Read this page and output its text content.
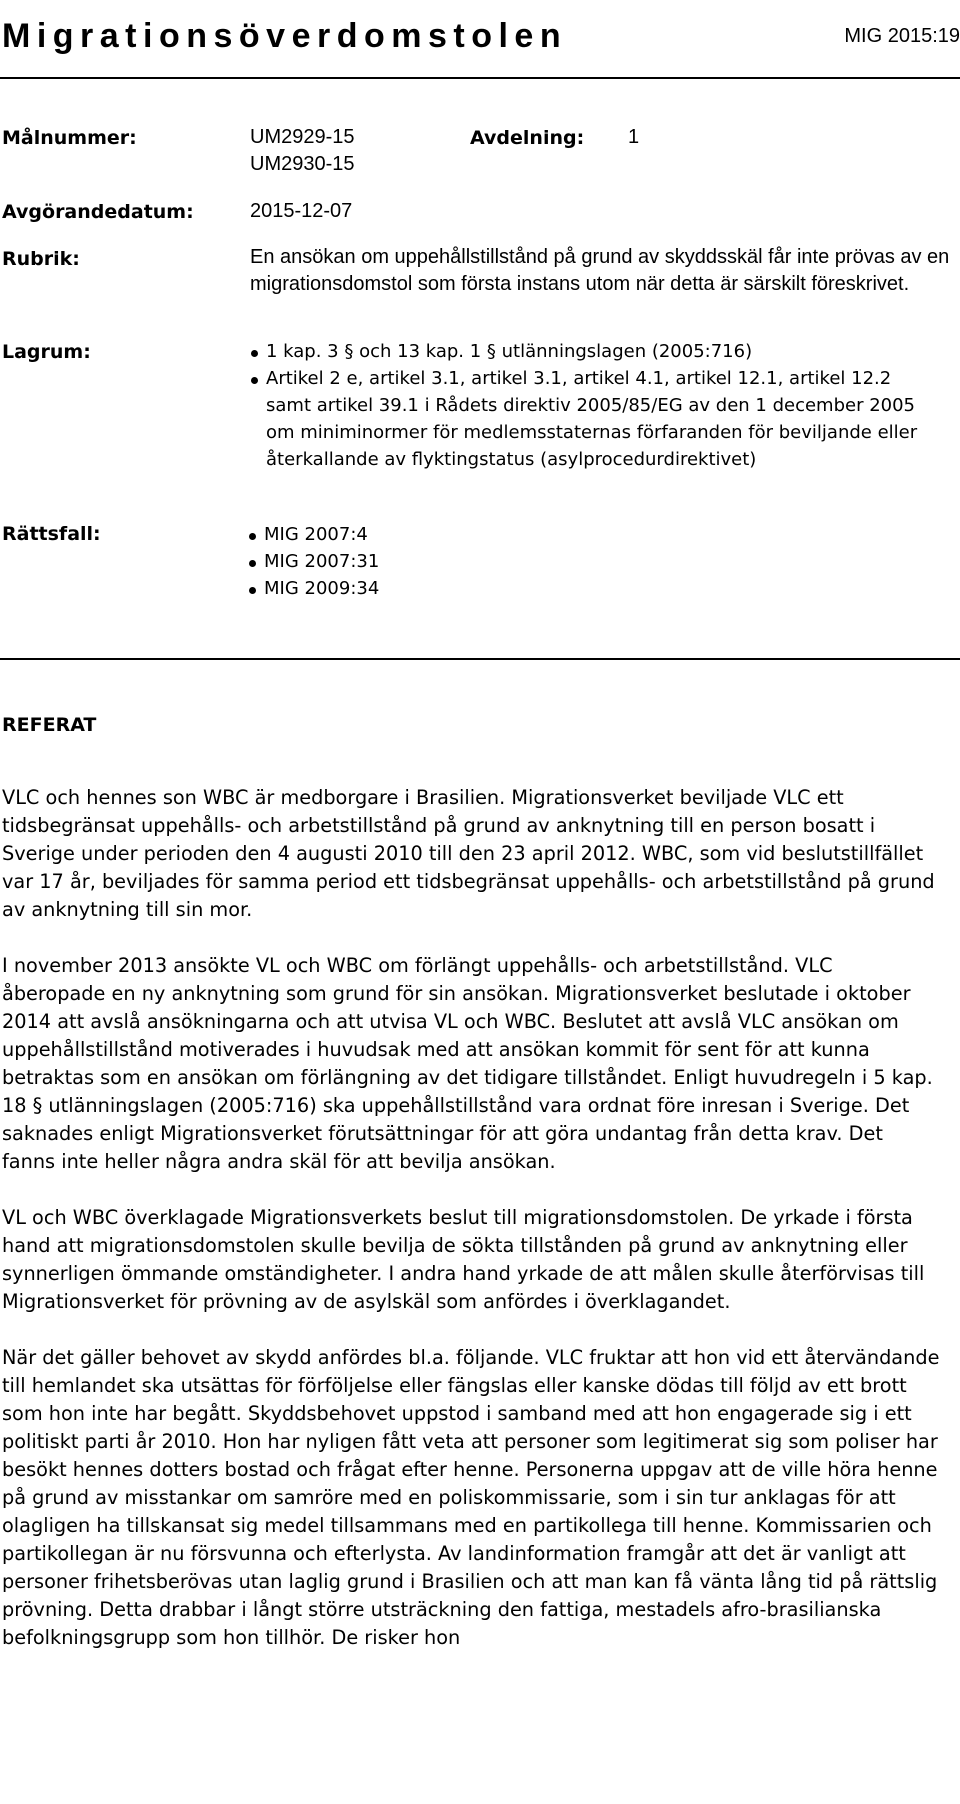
Migrationsöverdomstolen	MIG 2015:19
Målnummer:	UM2929-15
UM2930-15
Avdelning: 1
Avgörandedatum:	2015-12-07
Rubrik:	En ansökan om uppehållstillstånd på grund av skyddsskäl får inte prövas av en migrationsdomstol som första instans utom när detta är särskilt föreskrivet.
Lagrum:	1 kap. 3 § och 13 kap. 1 § utlänningslagen (2005:716)
Artikel 2 e, artikel 3.1, artikel 3.1, artikel 4.1, artikel 12.1, artikel 12.2 samt artikel 39.1 i Rådets direktiv 2005/85/EG av den 1 december 2005 om miniminormer för medlemsstaternas förfaranden för beviljande eller återkallande av flyktingstatus (asylprocedurdirektivet)
Rättsfall:	MIG 2007:4
MIG 2007:31
MIG 2009:34
REFERAT

VLC och hennes son WBC är medborgare i Brasilien. Migrationsverket beviljade VLC ett tidsbegränsat uppehålls- och arbetstillstånd på grund av anknytning till en person bosatt i Sverige under perioden den 4 augusti 2010 till den 23 april 2012. WBC, som vid beslutstillfället var 17 år, beviljades för samma period ett tidsbegränsat uppehålls- och arbetstillstånd på grund av anknytning till sin mor.

I november 2013 ansökte VL och WBC om förlängt uppehålls- och arbetstillstånd. VLC åberopade en ny anknytning som grund för sin ansökan. Migrationsverket beslutade i oktober 2014 att avslå ansökningarna och att utvisa VL och WBC. Beslutet att avslå VLC ansökan om uppehållstillstånd motiverades i huvudsak med att ansökan kommit för sent för att kunna betraktas som en ansökan om förlängning av det tidigare tillståndet. Enligt huvudregeln i 5 kap. 18 § utlänningslagen (2005:716) ska uppehållstillstånd vara ordnat före inresan i Sverige. Det saknades enligt Migrationsverket förutsättningar för att göra undantag från detta krav. Det fanns inte heller några andra skäl för att bevilja ansökan.

VL och WBC överklagade Migrationsverkets beslut till migrationsdomstolen. De yrkade i första hand att migrationsdomstolen skulle bevilja de sökta tillstånden på grund av anknytning eller synnerligen ömmande omständigheter. I andra hand yrkade de att målen skulle återförvisas till Migrationsverket för prövning av de asylskäl som anfördes i överklagandet.

När det gäller behovet av skydd anfördes bl.a. följande. VLC fruktar att hon vid ett återvändande till hemlandet ska utsättas för förföljelse eller fängslas eller kanske dödas till följd av ett brott som hon inte har begått. Skyddsbehovet uppstod i samband med att hon engagerade sig i ett politiskt parti år 2010. Hon har nyligen fått veta att personer som legitimerat sig som poliser har besökt hennes dotters bostad och frågat efter henne. Personerna uppgav att de ville höra henne på grund av misstankar om samröre med en poliskommissarie, som i sin tur anklagas för att olagligen ha tillskansat sig medel tillsammans med en partikollega till henne. Kommissarien och partikollegan är nu försvunna och efterlysta. Av landinformation framgår att det är vanligt att personer frihetsberövas utan laglig grund i Brasilien och att man kan få vänta lång tid på rättslig prövning. Detta drabbar i långt större utsträckning den fattiga, mestadels afro-brasilianska befolkningsgrupp som hon tillhör. De risker hon
